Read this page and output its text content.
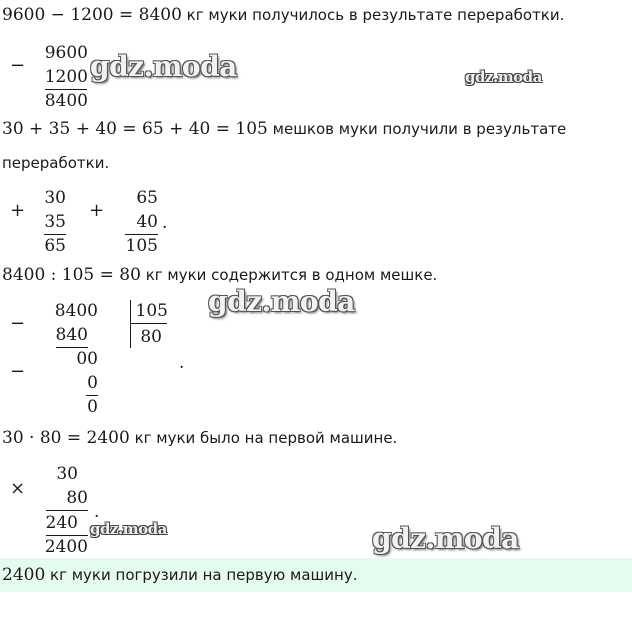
9600 − 1200 = 8400 кг муки получилось в результате переработки.
−
9600
1200
8400
gdz.moda	gdz.moda
30 + 35 + 40 = 65 + 40 = 105 мешков муки получили в результате
переработки.
+
30
35
65
+
65
40
105
.
8400 : 105 = 80 кг муки содержится в одном мешке.
−
8400
840
00
−
0
0
105
80
.
gdz.moda
30 · 80 = 2400 кг муки было на первой машине.
×
30
80
240
2400
.
gdz.moda	gdz.moda
2400 кг муки погрузили на первую машину.
